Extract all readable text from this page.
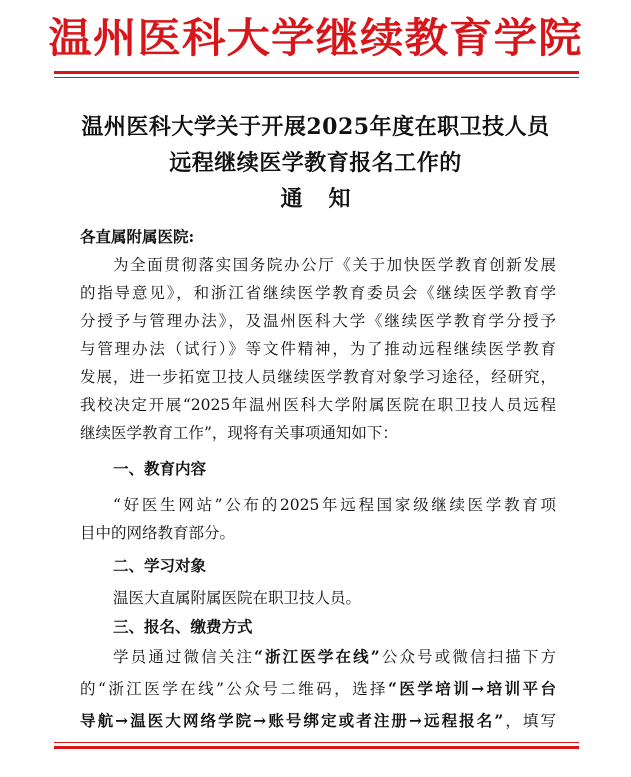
温州医科大学继续教育学院
温州医科大学关于开展2025年度在职卫技人员
远程继续医学教育报名工作的
通知
各直属附属医院:
为全面贯彻落实国务院办公厅《关于加快医学教育创新发展
的指导意见》，和浙江省继续医学教育委员会《继续医学教育学
分授予与管理办法》，及温州医科大学《继续医学教育学分授予
与管理办法（试行）》等文件精神，为了推动远程继续医学教育
发展，进一步拓宽卫技人员继续医学教育对象学习途径，经研究，
我校决定开展“2025年温州医科大学附属医院在职卫技人员远程
继续医学教育工作”，现将有关事项通知如下：
一、教育内容
“好医生网站”公布的2025年远程国家级继续医学教育项
目中的网络教育部分。
二、学习对象
温医大直属附属医院在职卫技人员。
三、报名、缴费方式
学员通过微信关注“浙江医学在线”公众号或微信扫描下方
的“浙江医学在线”公众号二维码，选择“医学培训→培训平台
导航→温医大网络学院→账号绑定或者注册→远程报名”，填写
